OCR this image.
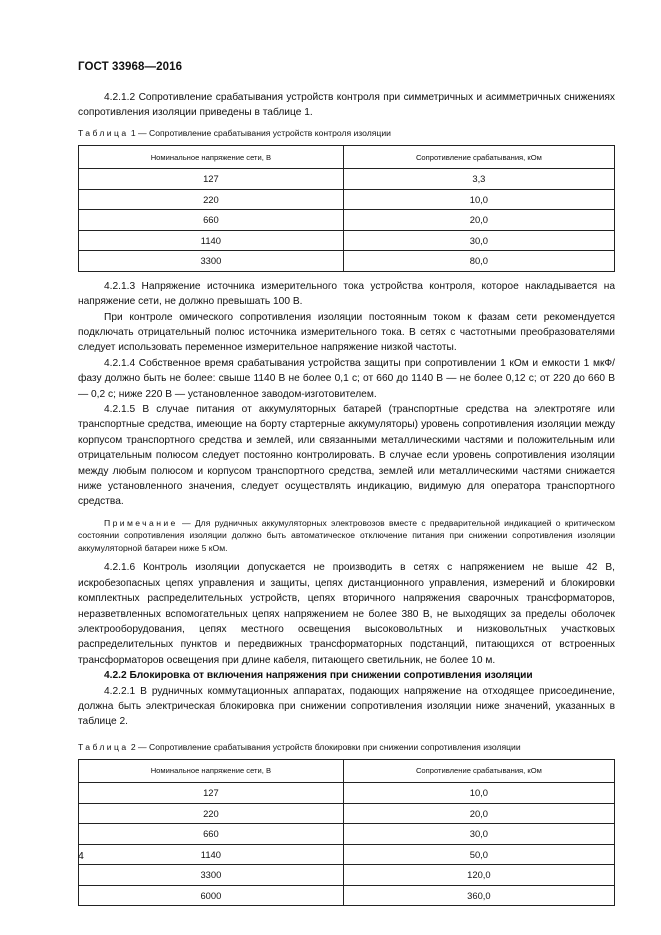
ГОСТ 33968—2016

4.2.1.2 Сопротивление срабатывания устройств контроля при симметричных и асимметричных снижениях сопротивления изоляции приведены в таблице 1.

Таблица 1 — Сопротивление срабатывания устройств контроля изоляции
Номинальное напряжение сети, В	Сопротивление срабатывания, кОм
127	3,3
220	10,0
660	20,0
1140	30,0
3300	80,0

4.2.1.3 Напряжение источника измерительного тока устройства контроля, которое накладывается на напряжение сети, не должно превышать 100 В.

При контроле омического сопротивления изоляции постоянным током к фазам сети рекомендуется подключать отрицательный полюс источника измерительного тока. В сетях с частотными преобразователями следует использовать переменное измерительное напряжение низкой частоты.

4.2.1.4 Собственное время срабатывания устройства защиты при сопротивлении 1 кОм и емкости 1 мкФ/фазу должно быть не более: свыше 1140 В не более 0,1 с; от 660 до 1140 В — не более 0,12 с; от 220 до 660 В — 0,2 с; ниже 220 В — установленное заводом-изготовителем.

4.2.1.5 В случае питания от аккумуляторных батарей (транспортные средства на электротяге или транспортные средства, имеющие на борту стартерные аккумуляторы) уровень сопротивления изоляции между корпусом транспортного средства и землей, или связанными металлическими частями и положительным или отрицательным полюсом следует постоянно контролировать. В случае если уровень сопротивления изоляции между любым полюсом и корпусом транспортного средства, землей или металлическими частями снижается ниже установленного значения, следует осуществлять индикацию, видимую для оператора транспортного средства.

Примечание — Для рудничных аккумуляторных электровозов вместе с предварительной индикацией о критическом состоянии сопротивления изоляции должно быть автоматическое отключение питания при снижении сопротивления изоляции аккумуляторной батареи ниже 5 кОм.

4.2.1.6 Контроль изоляции допускается не производить в сетях с напряжением не выше 42 В, искробезопасных цепях управления и защиты, цепях дистанционного управления, измерений и блокировки комплектных распределительных устройств, цепях вторичного напряжения сварочных трансформаторов, неразветвленных вспомогательных цепях напряжением не более 380 В, не выходящих за пределы оболочек электрооборудования, цепях местного освещения высоковольтных и низковольтных участковых распределительных пунктов и передвижных трансформаторных подстанций, питающихся от встроенных трансформаторов освещения при длине кабеля, питающего светильник, не более 10 м.

4.2.2 Блокировка от включения напряжения при снижении сопротивления изоляции

4.2.2.1 В рудничных коммутационных аппаратах, подающих напряжение на отходящее присоединение, должна быть электрическая блокировка при снижении сопротивления изоляции ниже значений, указанных в таблице 2.

Таблица 2 — Сопротивление срабатывания устройств блокировки при снижении сопротивления изоляции
Номинальное напряжение сети, В	Сопротивление срабатывания, кОм
127	10,0
220	20,0
660	30,0
1140	50,0
3300	120,0
6000	360,0
4
